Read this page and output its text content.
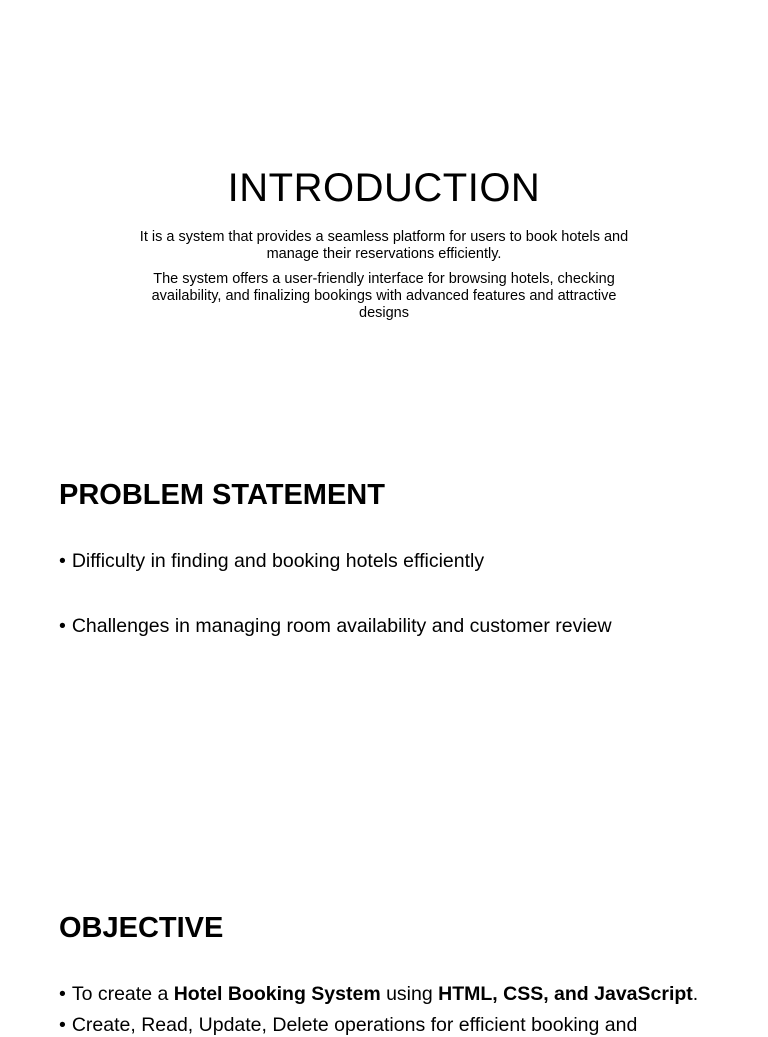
INTRODUCTION

It is a system that provides a seamless platform for users to book hotels and
manage their reservations efficiently.

The system offers a user-friendly interface for browsing hotels, checking
availability, and finalizing bookings with advanced features and attractive
designs

PROBLEM STATEMENT

• Difficulty in finding and booking hotels efficiently

• Challenges in managing room availability and customer review

OBJECTIVE

• To create a Hotel Booking System using HTML, CSS, and JavaScript.

• Create, Read, Update, Delete operations for efficient booking and
